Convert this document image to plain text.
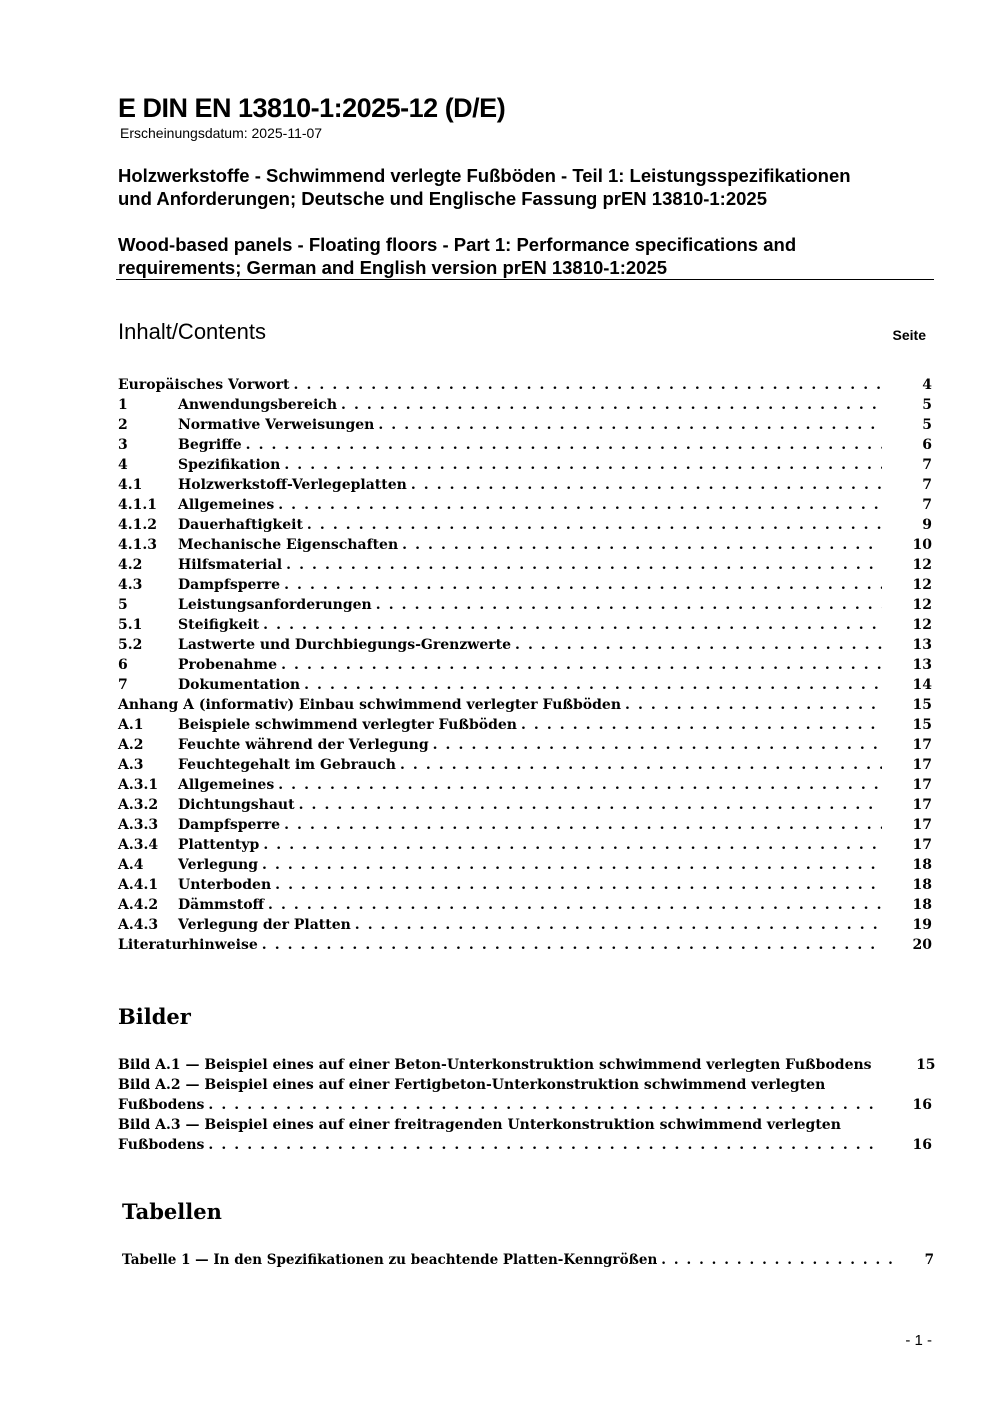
E DIN EN 13810-1:2025-12 (D/E)
Erscheinungsdatum: 2025-11-07
Holzwerkstoffe - Schwimmend verlegte Fußböden - Teil 1: Leistungsspezifikationen
und Anforderungen; Deutsche und Englische Fassung prEN 13810-1:2025
Wood-based panels - Floating floors - Part 1: Performance specifications and
requirements; German and English version prEN 13810-1:2025
Inhalt/Contents	Seite
Europäisches Vorwort . . .	4
1	Anwendungsbereich . . .	5
2	Normative Verweisungen . . .	5
3	Begriffe . . .	6
4	Spezifikation . . .	7
4.1	Holzwerkstoff-Verlegeplatten . . .	7
4.1.1	Allgemeines . . .	7
4.1.2	Dauerhaftigkeit . . .	9
4.1.3	Mechanische Eigenschaften . . .	10
4.2	Hilfsmaterial . . .	12
4.3	Dampfsperre . . .	12
5	Leistungsanforderungen . . .	12
5.1	Steifigkeit . . .	12
5.2	Lastwerte und Durchbiegungs-Grenzwerte . . .	13
6	Probenahme . . .	13
7	Dokumentation . . .	14
Anhang A (informativ) Einbau schwimmend verlegter Fußböden . . .	15
A.1	Beispiele schwimmend verlegter Fußböden . . .	15
A.2	Feuchte während der Verlegung . . .	17
A.3	Feuchtegehalt im Gebrauch . . .	17
A.3.1	Allgemeines . . .	17
A.3.2	Dichtungshaut . . .	17
A.3.3	Dampfsperre . . .	17
A.3.4	Plattentyp . . .	17
A.4	Verlegung . . .	18
A.4.1	Unterboden . . .	18
A.4.2	Dämmstoff . . .	18
A.4.3	Verlegung der Platten . . .	19
Literaturhinweise . . .	20
Bilder
Bild A.1 — Beispiel eines auf einer Beton-Unterkonstruktion schwimmend verlegten Fußbodens	15
Bild A.2 — Beispiel eines auf einer Fertigbeton-Unterkonstruktion schwimmend verlegten
Fußbodens . . .	16
Bild A.3 — Beispiel eines auf einer freitragenden Unterkonstruktion schwimmend verlegten
Fußbodens . . .	16
Tabellen
Tabelle 1 — In den Spezifikationen zu beachtende Platten-Kenngrößen . . .	7
- 1 -
